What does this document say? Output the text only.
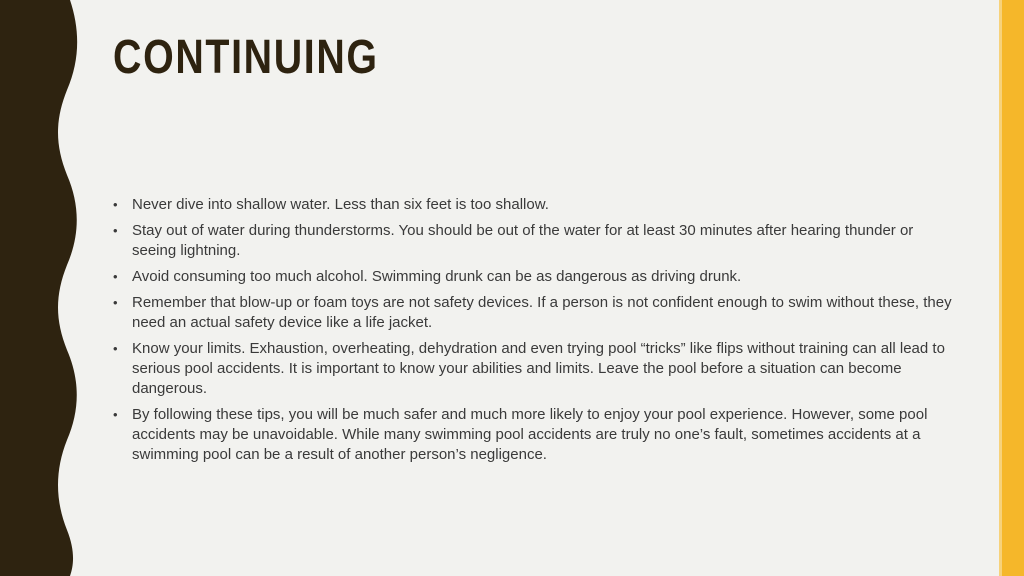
CONTINUING
• Never dive into shallow water. Less than six feet is too shallow.
• Stay out of water during thunderstorms. You should be out of the water for at least 30 minutes after hearing thunder or seeing lightning.
• Avoid consuming too much alcohol. Swimming drunk can be as dangerous as driving drunk.
• Remember that blow-up or foam toys are not safety devices. If a person is not confident enough to swim without these, they need an actual safety device like a life jacket.
• Know your limits. Exhaustion, overheating, dehydration and even trying pool “tricks” like flips without training can all lead to serious pool accidents. It is important to know your abilities and limits. Leave the pool before a situation can become dangerous.
• By following these tips, you will be much safer and much more likely to enjoy your pool experience. However, some pool accidents may be unavoidable. While many swimming pool accidents are truly no one’s fault, sometimes accidents at a swimming pool can be a result of another person’s negligence.
